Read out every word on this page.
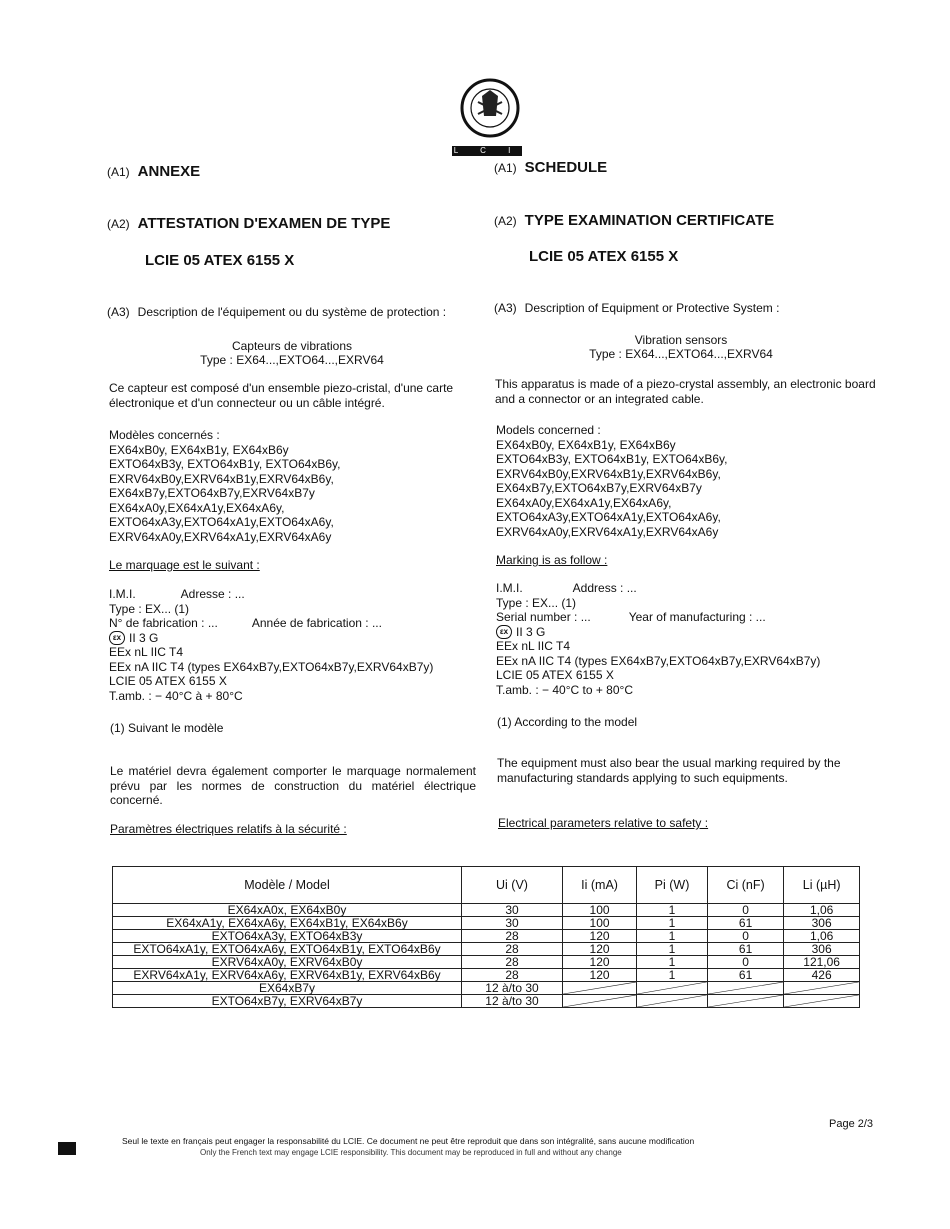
L C I E
(A1) ANNEXE
(A2) ATTESTATION D'EXAMEN DE TYPE
LCIE 05 ATEX 6155 X
(A3) Description de l'équipement ou du système de protection :
Capteurs de vibrations
Type : EX64...,EXTO64...,EXRV64
Ce capteur est composé d'un ensemble piezo-cristal, d'une carte électronique et d'un connecteur ou un câble intégré.
Modèles concernés :
EX64xB0y, EX64xB1y, EX64xB6y
EXTO64xB3y, EXTO64xB1y, EXTO64xB6y,
EXRV64xB0y,EXRV64xB1y,EXRV64xB6y,
EX64xB7y,EXTO64xB7y,EXRV64xB7y
EX64xA0y,EX64xA1y,EX64xA6y,
EXTO64xA3y,EXTO64xA1y,EXTO64xA6y,
EXRV64xA0y,EXRV64xA1y,EXRV64xA6y
Le marquage est le suivant :
I.M.I.	Adresse : ...
Type : EX... (1)
N° de fabrication : ...	Année de fabrication : ...
εx II 3 G
EEx nL IIC T4
EEx nA IIC T4 (types EX64xB7y,EXTO64xB7y,EXRV64xB7y)
LCIE 05 ATEX 6155 X
T.amb. : − 40°C à + 80°C
(1) Suivant le modèle
Le matériel devra également comporter le marquage normalement prévu par les normes de construction du matériel électrique concerné.
Paramètres électriques relatifs à la sécurité :
(A1) SCHEDULE
(A2) TYPE EXAMINATION CERTIFICATE
LCIE 05 ATEX 6155 X
(A3) Description of Equipment or Protective System :
Vibration sensors
Type : EX64...,EXTO64...,EXRV64
This apparatus is made of a piezo-crystal assembly, an electronic board and a connector or an integrated cable.
Models concerned :
EX64xB0y, EX64xB1y, EX64xB6y
EXTO64xB3y, EXTO64xB1y, EXTO64xB6y,
EXRV64xB0y,EXRV64xB1y,EXRV64xB6y,
EX64xB7y,EXTO64xB7y,EXRV64xB7y
EX64xA0y,EX64xA1y,EX64xA6y,
EXTO64xA3y,EXTO64xA1y,EXTO64xA6y,
EXRV64xA0y,EXRV64xA1y,EXRV64xA6y
Marking is as follow :
I.M.I.	Address : ...
Type : EX... (1)
Serial number : ...	Year of manufacturing : ...
εx II 3 G
EEx nL IIC T4
EEx nA IIC T4 (types EX64xB7y,EXTO64xB7y,EXRV64xB7y)
LCIE 05 ATEX 6155 X
T.amb. : − 40°C to + 80°C
(1) According to the model
The equipment must also bear the usual marking required by the manufacturing standards applying to such equipments.
Electrical parameters relative to safety :
Modèle / Model	Ui (V)	Ii (mA)	Pi (W)	Ci (nF)	Li (µH)
EX64xA0x, EX64xB0y	30	100	1	0	1,06
EX64xA1y, EX64xA6y, EX64xB1y, EX64xB6y	30	100	1	61	306
EXTO64xA3y, EXTO64xB3y	28	120	1	0	1,06
EXTO64xA1y, EXTO64xA6y, EXTO64xB1y, EXTO64xB6y	28	120	1	61	306
EXRV64xA0y, EXRV64xB0y	28	120	1	0	121,06
EXRV64xA1y, EXRV64xA6y, EXRV64xB1y, EXRV64xB6y	28	120	1	61	426
EX64xB7y	12 à/to 30	

EXTO64xB7y, EXRV64xB7y	12 à/to 30	

Page 2/3
Seul le texte en français peut engager la responsabilité du LCIE. Ce document ne peut être reproduit que dans son intégralité, sans aucune modification
Only the French text may engage LCIE responsibility. This document may be reproduced in full and without any change
